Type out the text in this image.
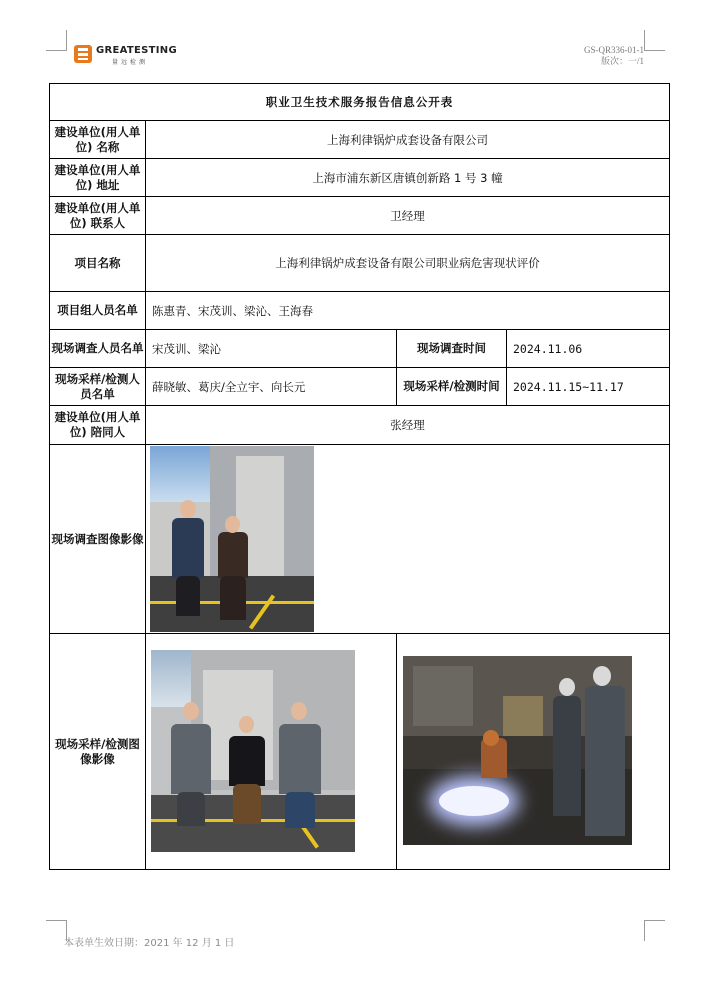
GREATESTING
量远检测
GS-QR336-01-1
版次：一/1
职业卫生技术服务报告信息公开表			
建设单位(用人单位) 名称	上海利律锅炉成套设备有限公司		
建设单位(用人单位) 地址	上海市浦东新区唐镇创新路 1 号 3 幢		
建设单位(用人单位) 联系人	卫经理		
项目名称	上海利律锅炉成套设备有限公司职业病危害现状评价		
项目组人员名单	陈惠青、宋茂训、梁沁、王海春		
现场调查人员名单	宋茂训、梁沁	现场调查时间	2024.11.06
现场采样/检测人员名单	薛晓敏、葛庆/全立宇、向长元	现场采样/检测时间	2024.11.15~11.17
建设单位(用人单位) 陪同人	张经理		
现场调查图像影像			

现场采样/检测图像影像		

本表单生效日期：2021 年 12 月 1 日
